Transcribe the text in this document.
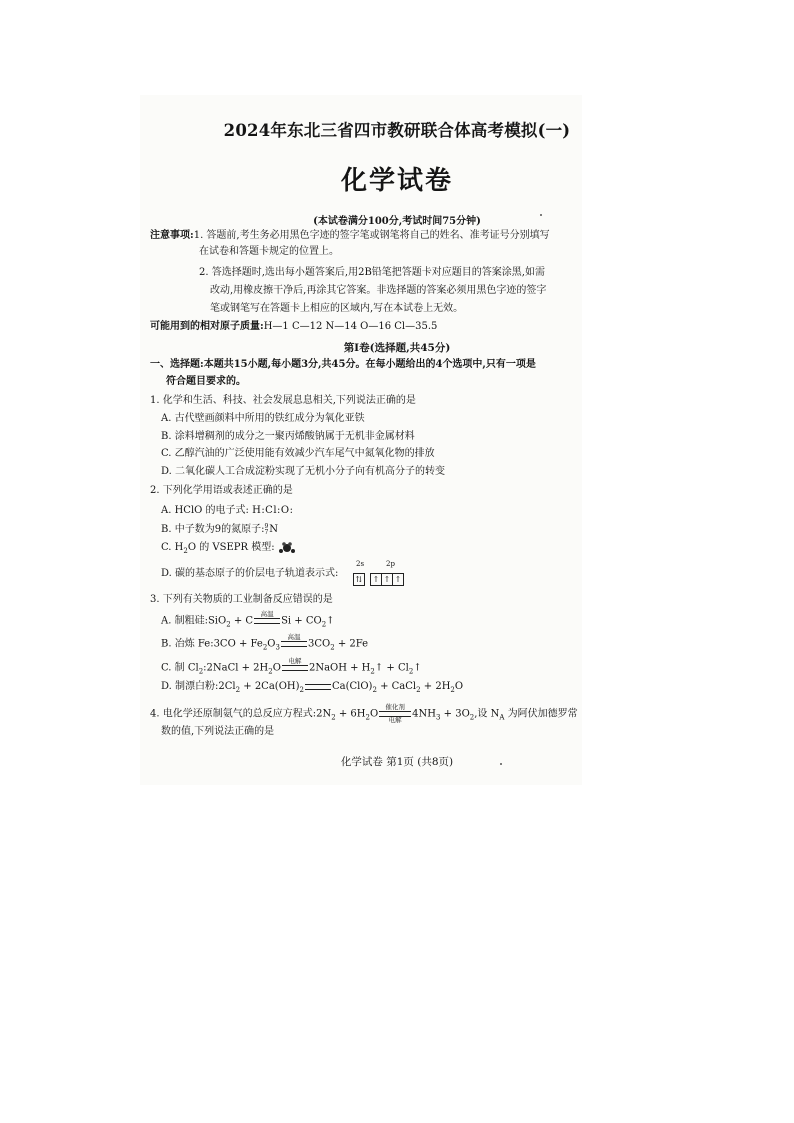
2024年东北三省四市教研联合体高考模拟(一)
化学试卷
(本试卷满分100分,考试时间75分钟)
注意事项:1. 答题前,考生务必用黑色字迹的签字笔或钢笔将自己的姓名、准考证号分别填写
在试卷和答题卡规定的位置上。
2. 答选择题时,选出每小题答案后,用2B铅笔把答题卡对应题目的答案涂黑,如需
改动,用橡皮擦干净后,再涂其它答案。非选择题的答案必须用黑色字迹的签字
笔或钢笔写在答题卡上相应的区域内,写在本试卷上无效。
可能用到的相对原子质量:H—1 C—12 N—14 O—16 Cl—35.5
第Ⅰ卷(选择题,共45分)
一、选择题:本题共15小题,每小题3分,共45分。在每小题给出的4个选项中,只有一项是
符合题目要求的。
1. 化学和生活、科技、社会发展息息相关,下列说法正确的是
A. 古代壁画颜料中所用的铁红成分为氧化亚铁
B. 涂料增稠剂的成分之一聚丙烯酸钠属于无机非金属材料
C. 乙醇汽油的广泛使用能有效减少汽车尾气中氮氧化物的排放
D. 二氧化碳人工合成淀粉实现了无机小分子向有机高分子的转变
2. 下列化学用语或表述正确的是
A. HClO 的电子式: H:Cl:O:
B. 中子数为9的氮原子: 9
7 N
C. $H_2O$ 的 VSEPR 模型:
D. 碳的基态原子的价层电子轨道表示式:
2s	2p
⇅ ↑ ↑ ↑
3. 下列有关物质的工业制备反应错误的是
A. 制粗硅:SiO$_2$ + C
高温

$Si + CO_2↑$
B. 冶炼 Fe:3CO + $Fe_2O_3$
高温

$3CO_2 + 2Fe$
C. 制 $Cl_2:2NaCl + 2H_2O$
电解

2NaOH + $H_2↑$ + $Cl_2↑$
D. 制漂白粉$:2Cl_2 + 2Ca(OH)_2$	$Ca(ClO)_2$ + CaCl$_2$ + $2H_2O$
4. 电化学还原制氨气的总反应方程式$:2N_2 + 6H_2O$
催化剂
电解
$4NH_3 + 3O_2$,设 $N_A$ 为阿伏加德罗常
数的值,下列说法正确的是
化学试卷 第1页 (共8页)
